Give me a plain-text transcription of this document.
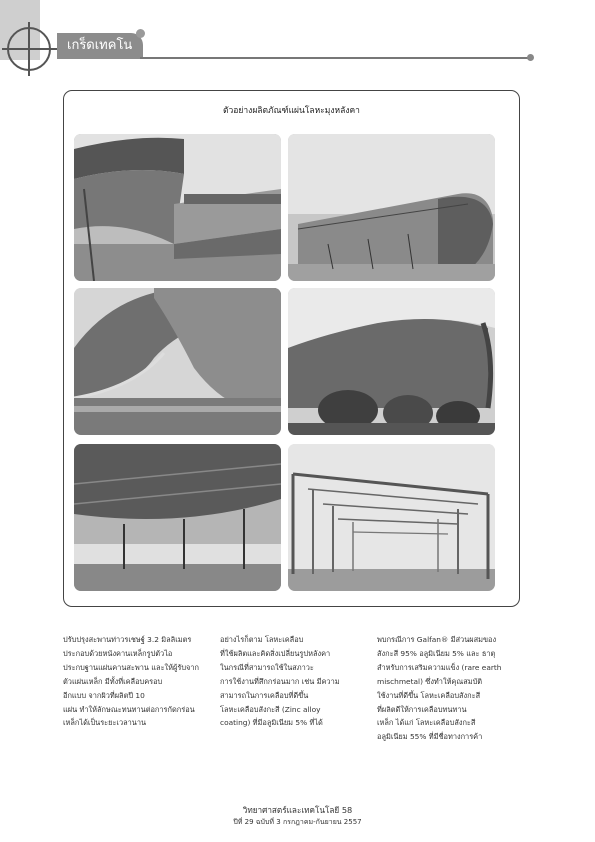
เกร็ดเทคโน
ตัวอย่างผลิตภัณฑ์แผ่นโลหะมุงหลังคา
ปรับปรุงสะพานท่าวรเชษฐ์ 3.2 มิลลิเมตร
ประกอบด้วยหนังคานเหล็กรูปตัวไอ
ประกบฐานแผ่นคานสะพาน และให้ผู้รับจาก
ตัวแผ่นเหล็ก มีทั้งที่เคลือบครอบ
อีกแบบ จากผิวที่ผลิตปี 10
แผ่น ทำให้ลักษณะทนทานต่อการกัดกร่อน
เหล็กได้เป็นระยะเวลานาน
อย่างไรก็ตาม โลหะเคลือบ
ที่ใช้ผลิตและคิดสิ่งเปลี่ยนรูปหลังคา
ในกรณีที่สามารถใช้ในสภาวะ
การใช้งานที่สึกกร่อนมาก เช่น มีความ
สามารถในการเคลือบที่ดีขึ้น
โลหะเคลือบสังกะสี (Zinc alloy
coating) ที่มีอลูมิเนียม 5% ที่ได้
พบกรณีการ Galfan® มีส่วนผสมของ
สังกะสี 95% อลูมิเนียม 5% และ ธาตุ
สำหรับการเสริมความแข็ง (rare earth
mischmetal) ซึ่งทำให้คุณสมบัติ
ใช้งานที่ดีขึ้น โลหะเคลือบสังกะสี
ที่ผลิตดีให้การเคลือบทนทาน
เหล็ก ได้แก่ โลหะเคลือบสังกะสี
อลูมิเนียม 55% ที่มีชื่อทางการค้า
วิทยาศาสตร์และเทคโนโลยี 58
ปีที่ 29 ฉบับที่ 3 กรกฎาคม-กันยายน 2557
